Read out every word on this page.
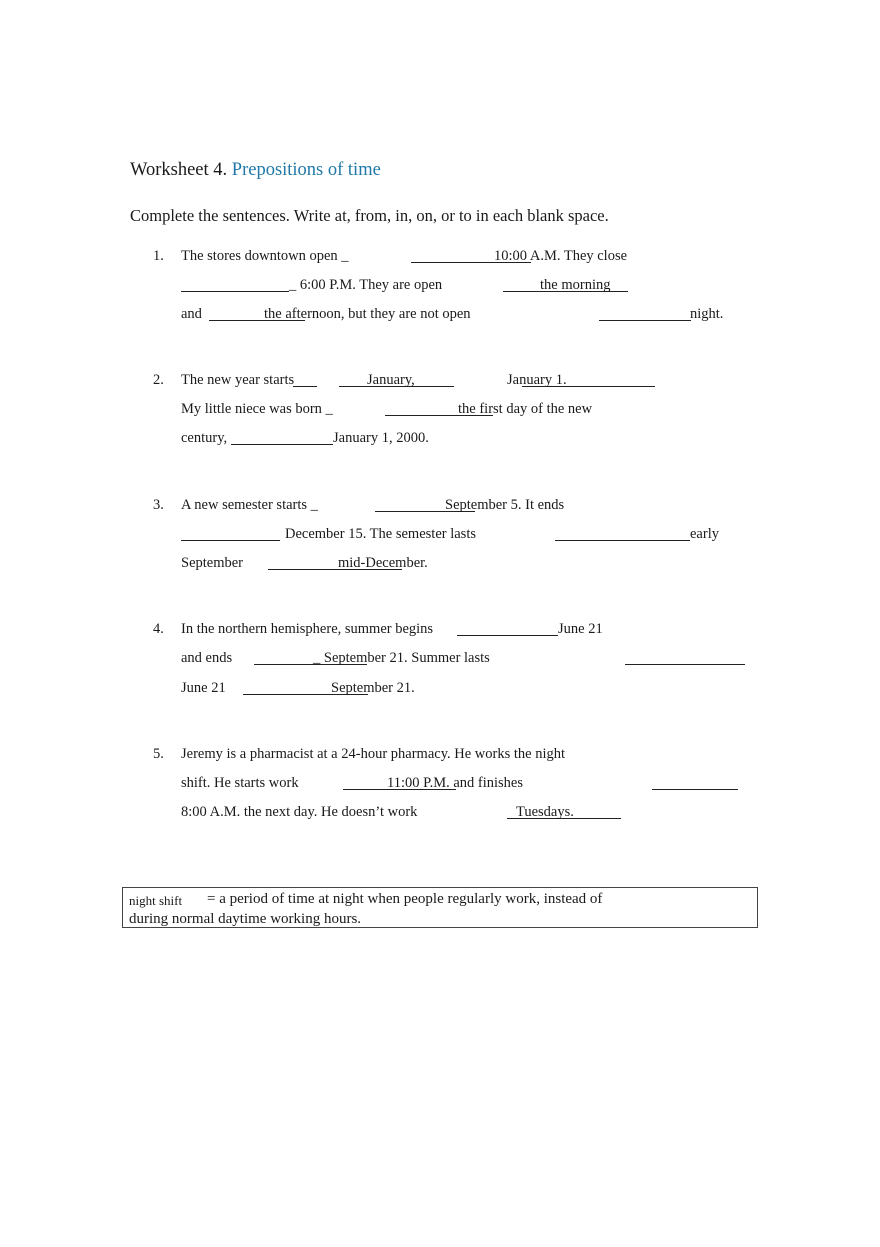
Worksheet 4. Prepositions of time
Complete the sentences. Write at, from, in, on, or to in each blank space.
1. The stores downtown open _	10:00 A.M. They close
_ 6:00 P.M. They are open	the morning
and	the afternoon, but they are not open	night.
2. The new year starts	January,	January 1.
My little niece was born _	the first day of the new
century,	January 1, 2000.
3. A new semester starts _	September 5. It ends
December 15. The semester lasts	early
September	mid-December.
4. In the northern hemisphere, summer begins	June 21
and ends	_ September 21. Summer lasts
June 21	September 21.
5. Jeremy is a pharmacist at a 24-hour pharmacy. He works the night
shift. He starts work	11:00 P.M. and finishes
8:00 A.M. the next day. He doesn’t work	Tuesdays.
night shift = a period of time at night when people regularly work, instead of
during normal daytime working hours.
